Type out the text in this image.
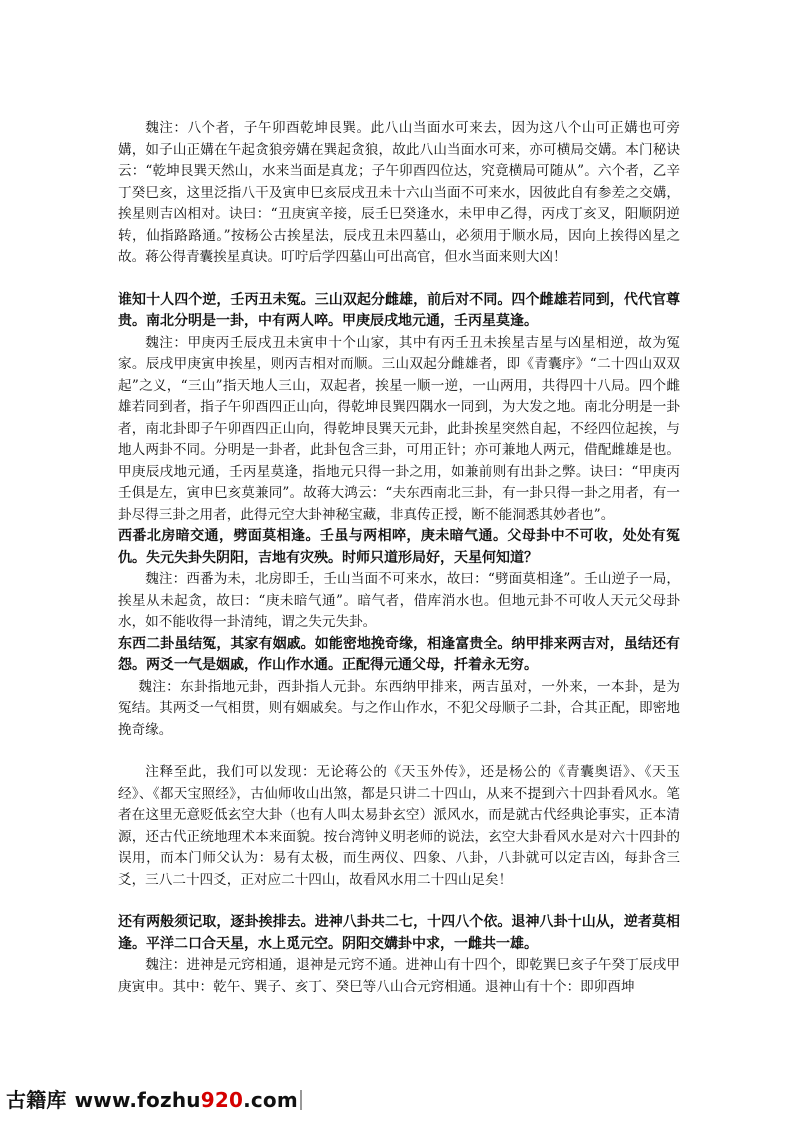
魏注：八个者，子午卯酉乾坤艮巽。此八山当面水可来去，因为这八个山可正媾也可旁媾，如子山正媾在午起贪狼旁媾在巽起贪狼，故此八山当面水可来，亦可横局交媾。本门秘诀云：“乾坤艮巽天然山，水来当面是真龙；子午卯酉四位达，究竟横局可随从”。六个者，乙辛丁癸巳亥，这里泛指八干及寅申巳亥辰戌丑未十六山当面不可来水，因彼此自有参差之交媾，挨星则吉凶相对。诀曰：“丑庚寅辛接，辰壬巳癸逢水，未甲申乙得，丙戌丁亥叉，阳顺阴逆转，仙指路路通。”按杨公古挨星法，辰戌丑未四墓山，必须用于顺水局，因向上挨得凶星之故。蒋公得青囊挨星真诀。叮咛后学四墓山可出高官，但水当面来则大凶！

谁知十人四个逆，壬丙丑未冤。三山双起分雌雄，前后对不同。四个雌雄若同到，代代官尊贵。南北分明是一卦，中有两人啐。甲庚辰戌地元通，壬丙星莫逢。

魏注：甲庚丙壬辰戌丑未寅申十个山家，其中有丙壬丑未挨星吉星与凶星相逆，故为冤家。辰戌甲庚寅申挨星，则丙吉相对而顺。三山双起分雌雄者，即《青囊序》“二十四山双双起”之义，“三山”指天地人三山，双起者，挨星一顺一逆，一山两用，共得四十八局。四个雌雄若同到者，指子午卯酉四正山向，得乾坤艮巽四隅水一同到，为大发之地。南北分明是一卦者，南北卦即子午卯酉四正山向，得乾坤艮巽天元卦，此卦挨星突然自起，不经四位起挨，与地人两卦不同。分明是一卦者，此卦包含三卦，可用正针；亦可兼地人两元，借配雌雄是也。甲庚辰戌地元通，壬丙星莫逢，指地元只得一卦之用，如兼前则有出卦之弊。诀曰：“甲庚丙壬俱是左，寅申巳亥莫兼同”。故蒋大鸿云：“夫东西南北三卦，有一卦只得一卦之用者，有一卦尽得三卦之用者，此得元空大卦神秘宝藏，非真传正授，断不能洞悉其妙者也”。

西番北房暗交通，劈面莫相逢。壬虽与两相啐，庚未暗气通。父母卦中不可收，处处有冤仇。失元失卦失阴阳，吉地有灾殃。时师只道形局好，天星何知道？

魏注：西番为未，北房即壬，壬山当面不可来水，故曰：“劈面莫相逢”。壬山逆子一局，挨星从未起贪，故曰：“庚未暗气通”。暗气者，借库消水也。但地元卦不可收人天元父母卦水，如不能收得一卦清纯，谓之失元失卦。

东西二卦虽结冤，其家有姻戚。如能密地挽奇缘，相逢富贵全。纳甲排来两吉对，虽结还有怨。两爻一气是姻戚，作山作水通。正配得元通父母，扦着永无穷。

魏注：东卦指地元卦，西卦指人元卦。东西纳甲排来，两吉虽对，一外来，一本卦，是为冤结。其两爻一气相贯，则有姻戚矣。与之作山作水，不犯父母顺子二卦，合其正配，即密地挽奇缘。

注释至此，我们可以发现：无论蒋公的《天玉外传》，还是杨公的《青囊奥语》、《天玉经》、《都天宝照经》，古仙师收山出煞，都是只讲二十四山，从来不提到六十四卦看风水。笔者在这里无意贬低玄空大卦（也有人叫太易卦玄空）派风水，而是就古代经典论事实，正本清源，还古代正统地理术本来面貌。按台湾钟义明老师的说法，玄空大卦看风水是对六十四卦的误用，而本门师父认为：易有太极，而生两仪、四象、八卦，八卦就可以定吉凶，每卦含三爻，三八二十四爻，正对应二十四山，故看风水用二十四山足矣！

还有两般须记取，逐卦挨排去。进神八卦共二七，十四八个依。退神八卦十山从，逆者莫相逢。平洋二口合天星，水上觅元空。阴阳交媾卦中求，一雌共一雄。

魏注：进神是元窍相通，退神是元窍不通。进神山有十四个，即乾巽巳亥子午癸丁辰戌甲庚寅申。其中：乾午、巽子、亥丁、癸巳等八山合元窍相通。退神山有十个：即卯酉坤

古籍库 www.fozhu920.com
